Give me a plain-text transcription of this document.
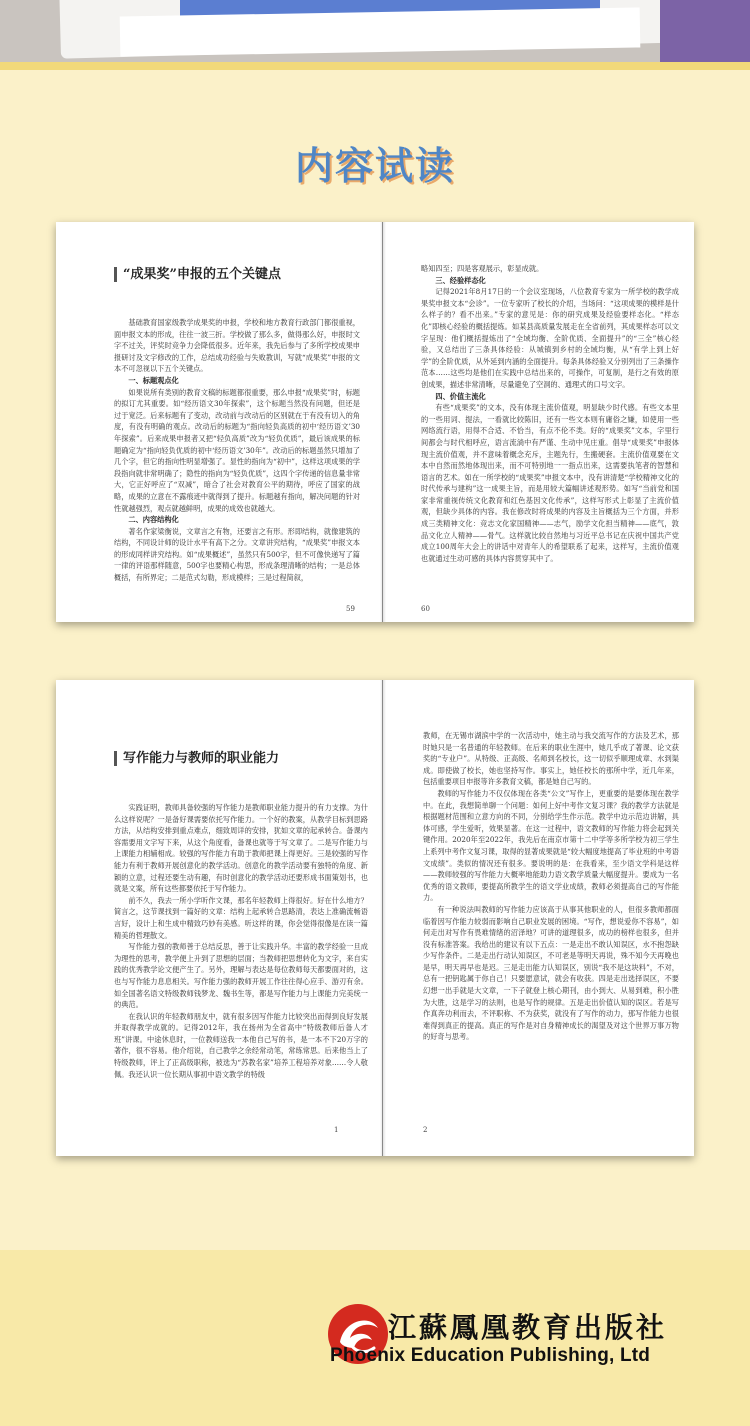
内容试读
“成果奖”申报的五个关键点

基础教育国家级教学成果奖的申报，学校和地方教育行政部门都很重视，面申报文本的形成，往往一波三折。学校做了那么多，做得那么好，申报时文字不过关，评奖时竞争力会降低很多。近年来，我先后参与了多所学校成果申报研讨及文字修改的工作，总结成功经验与失败教训，写就“成果奖”申报的文本不可忽视以下五个关键点。

一、标题观点化

如果说所有类别的教育文稿的标题都很重要，那么申报“成果奖”时，标题的拟订尤其重要。如“经历语文30年探索”，这个标题当然没有问题，但还是过于宽泛。后来标题有了变动，改动前与改动后的区别就在于有没有切入的角度，有没有明确的观点。改动后的标题为“指向轻负高质的初中‘经历语文’30年探索”。后来成果申报者又把“轻负高质”改为“轻负优质”，最后该成果的标题确定为“指向轻负优质的初中‘经历语文’30年”。改动后的标题虽然只增加了几个字，但它的指向性明显增强了。显性的指向为“初中”，这样这项成果的学段指向就非常明确了；隐性的指向为“轻负优质”，这四个字传递的信息量非常大，它正好呼应了“双减”，暗合了社会对教育公平的期待，呼应了国家的战略，成果的立意在不露痕迹中就得到了提升。标题越有指向，解决问题的针对性就越强烈，观点就越鲜明，成果的成效也就越大。

二、内容结构化

著名作家梁衡说，文章言之有物，还要言之有形。形即结构，就像建筑的结构，不同设计师的设计水平有高下之分。文章讲究结构，“成果奖”申报文本的形成同样讲究结构。如“成果概述”，虽然只有500字，但不可像快递写了篇一律的评语那样随意，500字也要精心构思，形成条理清晰的结构；一是总体概括，有所界定；二是范式勾勒，形成模样；三是过程简叙，

59

略知四至；四是客观展示，彰显成就。

三、经验样态化

记得2021年8月17日的一个会议室现场，八位教育专家为一所学校的教学成果奖申报文本“会诊”。一位专家听了校长的介绍，当场问：“这项成果的模样是什么样子的？看不出来。”专家的意见是：你的研究成果及经验要样态化。“样态化”即核心经验的概括提炼。如某县高质量发展走在全省前列，其成果样态可以文字呈现：他们概括提炼出了“全域均衡、全阶优质、全面提升”的“三全”核心经验，又总结出了三条具体经验：从城镇到乡村的全域均衡，从“有学上到上好学”的全阶优质，从外延到内涵的全面提升。每条具体经验又分别列出了三条操作范本……这些均是他们在实践中总结出来的，可操作，可复制，是行之有效的原创成果，描述非常清晰，尽量避免了空洞的、通理式的口号文字。

四、价值主流化

有些“成果奖”的文本，没有体现主流价值观，明显缺少时代感。有些文本里的一些用词、提法，一看就比较陈旧，还有一些文本则有庸俗之嫌，如使用一些网络流行语，用得不合适、不恰当，有点不伦不类。好的“成果奖”文本，字里行间都会与时代相呼应，语言流淌中有严谨、生动中见庄重。倡导“成果奖”申报体现主流价值观，并不意味着概念充斥，主题先行，生搬硬套。主流价值观要在文本中自然而然地体现出来，而不可特别地一一指点出来，这需要执笔者的智慧和语言的艺术。如在一所学校的“成果奖”申报文本中，没有讲清楚“学校精神文化的时代传承与建构”这一成果主旨，而是用较大篇幅讲述观形势。如写“当前党和国家非常重视传统文化教育和红色基因文化传承”，这样写形式上彰显了主流价值观，但缺少具体的内容。我在修改时将成果的内容及主旨概括为三个方面，并形成三类精神文化：竞志文化家国精神——志气，励学文化担当精神——底气，敦品文化立人精神——骨气。这样就比较自然地与习近平总书记在庆祝中国共产党成立100周年大会上的讲话中对青年人的希望联系了起来，这样写，主流价值观也就通过生动可感的具体内容贯穿其中了。

60
写作能力与教师的职业能力

实践证明，教师具备较强的写作能力是教师职业能力提升的有力支撑。为什么这样说呢？一是备好课需要依托写作能力。一个好的教案，从教学目标到思路方法，从结构安排到重点难点，细致周详的安排，犹如文章的起承转合。备课内容需要用文字写下来，从这个角度看，备课也就等于写文章了。二是写作能力与上课能力相辅相成。较强的写作能力有助于教师把课上得更好。三是较强的写作能力有利于教师开展创意化的教学活动。创意化的教学活动要有独特的角度、新颖的立意，过程还要生动有趣，有时创意化的教学活动还要形成书面策划书，也就是文案，所有这些都要依托于写作能力。

前不久，我去一所小学听作文课，那名年轻教师上得很好。好在什么地方？简言之，这节课找到一篇好的文章：结构上起承转合思路清，表达上准确流畅语言好，设计上和生成中精致巧妙有美感。听这样的课，你会觉得很像是在读一篇精美的哲理散文。

写作能力强的教师善于总结反思，善于让实践升华。丰富的教学经验一旦成为理性的思考，教学便上升到了思想的层面；当教师把思想转化为文字，来自实践的优秀教学论文便产生了。另外，理解与表达是每位教师每天都要面对的，这也与写作能力息息相关。写作能力强的教师开展工作往往得心应手、游刃有余。如全国著名语文特级教师钱梦龙、魏书生等，都是写作能力与上课能力完美统一的典范。

在我认识的年轻教师朋友中，就有很多因写作能力比较突出而得到良好发展并取得教学成就的。记得2012年，我在扬州为全省高中“特级教师后备人才班”讲课。中途休息时，一位教师送我一本他自己写的书，是一本不下20万字的著作，很不容易。他介绍说，自己教学之余经常动笔，常练常思。后来他当上了特级教师，评上了正高级职称，被选为“苏教名家”培养工程培养对象……令人敬佩。我还认识一位长期从事初中语文教学的特级

1

教师，在无锡市湖滨中学的一次活动中，她主动与我交流写作的方法及艺术，那时她只是一名普通的年轻教师。在后来的职业生涯中，她几乎成了著课、论文获奖的“专业户”。从特级、正高级、名师到名校长，这一切似乎顺理成章、水到渠成。即使做了校长，她也坚持写作。事实上，她任校长的那所中学，近几年来，包括重要项目申报等许多教育文稿，都是她自己写的。

教师的写作能力不仅仅体现在各类“公文”写作上，更重要的是要体现在教学中。在此，我想简单聊一个问题：如何上好中考作文复习课？我的教学方法就是根据题材范围和立意方向的不同，分别给学生作示范。教学中边示范边讲解，具体可感，学生爱听，效果显著。在这一过程中，语文教师的写作能力将会起到关键作用。2020年至2022年，我先后在南京市第十二中学等多所学校为初三学生上系列中考作文复习课，取得的显著成果就是“较大幅度地提高了毕业班的中考语文成绩”。类似的情况还有很多。要说明的是：在我看来，至少语文学科是这样——教师较强的写作能力大概率地能助力语文教学质量大幅度提升。要成为一名优秀的语文教师，要提高所教学生的语文学业成绩，教师必须提高自己的写作能力。

有一种说法叫教师的写作能力应该高于从事其他职业的人，但很多教师都面临着因写作能力较弱而影响自己职业发展的困境。“写作，想说爱你不容易”，如何走出对写作有畏难情绪的沼泽地？可讲的道理很多，成功的榜样也很多，但并没有标准答案。我给出的建议有以下五点：一是走出不敢认知误区，水不抱怨缺少写作条件。二是走出行动认知误区，不可老是等明天再说，殊不知今天再晚也是早，明天再早也是迟。三是走出能力认知误区，别说“我不是这块料”，不对，总有一把钥匙属于你自己！只要愿意试，就会有收获。四是走出选择误区，不要幻想一出手就是大文章，一下子就登上核心期刊，由小到大、从易到难，积小胜为大胜，这是学习的法则，也是写作的规律。五是走出价值认知的误区。若是写作真奔功利而去，不评职称、不为获奖，就没有了写作的动力，那写作能力也很难得到真正的提高。真正的写作是对自身精神成长的渴望及对这个世界万事万物的好奇与思考。

2
江蘇鳳凰教育出版社
Phoenix Education Publishing, Ltd
